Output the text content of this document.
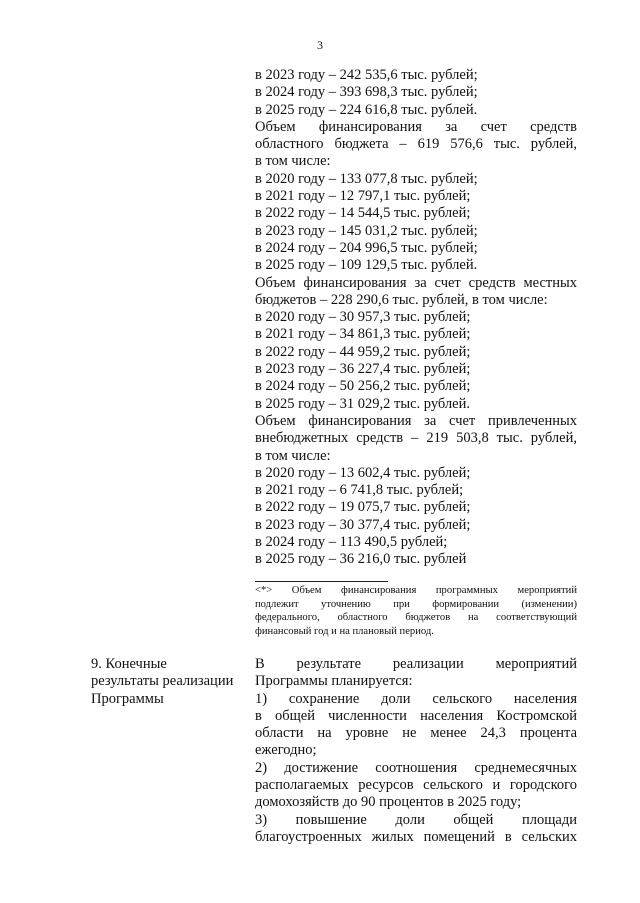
3
в 2023 году – 242 535,6 тыс. рублей;
в 2024 году – 393 698,3 тыс. рублей;
в 2025 году – 224 616,8 тыс. рублей.
Объем финансирования за счет средств
областного бюджета – 619 576,6 тыс. рублей,
в том числе:
в 2020 году – 133 077,8 тыс. рублей;
в 2021 году – 12 797,1 тыс. рублей;
в 2022 году – 14 544,5 тыс. рублей;
в 2023 году – 145 031,2 тыс. рублей;
в 2024 году – 204 996,5 тыс. рублей;
в 2025 году – 109 129,5 тыс. рублей.
Объем финансирования за счет средств местных
бюджетов – 228 290,6 тыс. рублей, в том числе:
в 2020 году – 30 957,3 тыс. рублей;
в 2021 году – 34 861,3 тыс. рублей;
в 2022 году – 44 959,2 тыс. рублей;
в 2023 году – 36 227,4 тыс. рублей;
в 2024 году – 50 256,2 тыс. рублей;
в 2025 году – 31 029,2 тыс. рублей.
Объем финансирования за счет привлеченных
внебюджетных средств – 219 503,8 тыс. рублей,
в том числе:
в 2020 году – 13 602,4 тыс. рублей;
в 2021 году – 6 741,8 тыс. рублей;
в 2022 году – 19 075,7 тыс. рублей;
в 2023 году – 30 377,4 тыс. рублей;
в 2024 году – 113 490,5 рублей;
в 2025 году – 36 216,0 тыс. рублей
<*> Объем финансирования программных мероприятий
подлежит уточнению при формировании (изменении)
федерального, областного бюджетов на соответствующий
финансовый год и на плановый период.
9. Конечные
результаты реализации
Программы
В результате реализации мероприятий
Программы планируется:
1) сохранение доли сельского населения
в общей численности населения Костромской
области на уровне не менее 24,3 процента
ежегодно;
2) достижение соотношения среднемесячных
располагаемых ресурсов сельского и городского
домохозяйств до 90 процентов в 2025 году;
3) повышение доли общей площади
благоустроенных жилых помещений в сельских
